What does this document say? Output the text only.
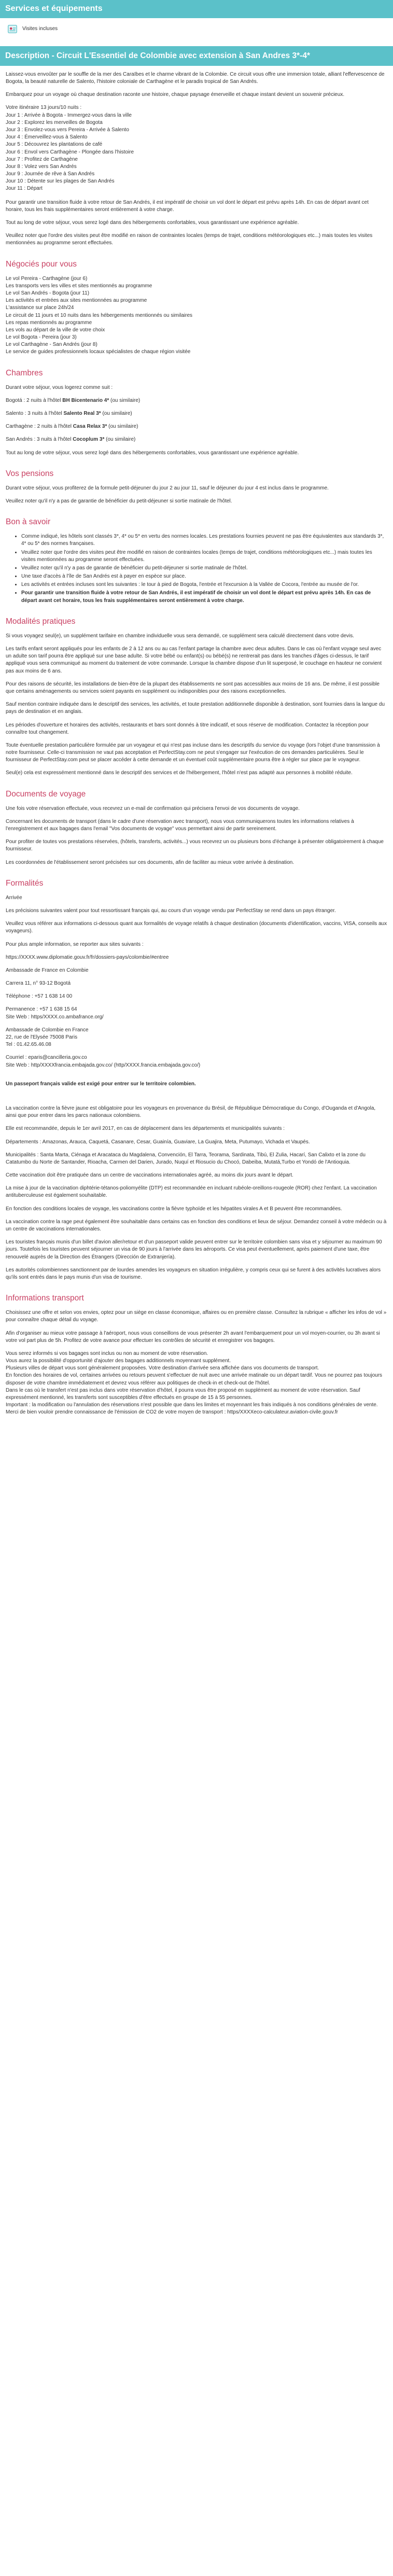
Services et équipements
Visites incluses
Description - Circuit L'Essentiel de Colombie avec extension à San Andres 3*-4*

Laissez-vous envoûter par le souffle de la mer des Caraïbes et le charme vibrant de la Colombie. Ce circuit vous offre une immersion totale, alliant l'effervescence de Bogota, la beauté naturelle de Salento, l'histoire coloniale de Carthagène et le paradis tropical de San Andrés.

Embarquez pour un voyage où chaque destination raconte une histoire, chaque paysage émerveille et chaque instant devient un souvenir précieux.

Votre itinéraire 13 jours/10 nuits :
Jour 1 : Arrivée à Bogota - Immergez-vous dans la ville
Jour 2 : Explorez les merveilles de Bogota
Jour 3 : Envolez-vous vers Pereira - Arrivée à Salento
Jour 4 : Émerveillez-vous à Salento
Jour 5 : Découvrez les plantations de café
Jour 6 : Envol vers Carthagène - Plongée dans l'histoire
Jour 7 : Profitez de Carthagène
Jour 8 : Volez vers San Andrés
Jour 9 : Journée de rêve à San Andrés
Jour 10 : Détente sur les plages de San Andrés
Jour 11 : Départ

Pour garantir une transition fluide à votre retour de San Andrés, il est impératif de choisir un vol dont le départ est prévu après 14h. En cas de départ avant cet horaire, tous les frais supplémentaires seront entièrement à votre charge.

Tout au long de votre séjour, vous serez logé dans des hébergements confortables, vous garantissant une expérience agréable.

Veuillez noter que l'ordre des visites peut être modifié en raison de contraintes locales (temps de trajet, conditions météorologiques etc...) mais toutes les visites mentionnées au programme seront effectuées.

Négociés pour vous
Le vol Pereira - Carthagène (jour 6)
Les transports vers les villes et sites mentionnés au programme
Le vol San Andrés - Bogota (jour 11)
Les activités et entrées aux sites mentionnées au programme
L'assistance sur place 24h/24
Le circuit de 11 jours et 10 nuits dans les hébergements mentionnés ou similaires
Les repas mentionnés au programme
Les vols au départ de la ville de votre choix
Le vol Bogota - Pereira (jour 3)
Le vol Carthagène - San Andrés (jour 8)
Le service de guides professionnels locaux spécialistes de chaque région visitée
Chambres

Durant votre séjour, vous logerez comme suit :

Bogotá : 2 nuits à l'hôtel BH Bicentenario 4* (ou similaire)

Salento : 3 nuits à l'hôtel Salento Real 3* (ou similaire)

Carthagène : 2 nuits à l'hôtel Casa Relax 3* (ou similaire)

San Andrés : 3 nuits à l'hôtel Cocoplum 3* (ou similaire)

Tout au long de votre séjour, vous serez logé dans des hébergements confortables, vous garantissant une expérience agréable.

Vos pensions

Durant votre séjour, vous profiterez de la formule petit-déjeuner du jour 2 au jour 11, sauf le déjeuner du jour 4 est inclus dans le programme.

Veuillez noter qu'il n'y a pas de garantie de bénéficier du petit-déjeuner si sortie matinale de l'hôtel.

Bon à savoir
• Comme indiqué, les hôtels sont classés 3*, 4* ou 5* en vertu des normes locales. Les prestations fournies peuvent ne pas être équivalentes aux standards 3*, 4* ou 5* des normes françaises.
• Veuillez noter que l'ordre des visites peut être modifié en raison de contraintes locales (temps de trajet, conditions météorologiques etc...) mais toutes les visites mentionnées au programme seront effectuées.
• Veuillez noter qu'il n'y a pas de garantie de bénéficier du petit-déjeuner si sortie matinale de l'hôtel.
• Une taxe d'accès à l'île de San Andrés est à payer en espèce sur place.
• Les activités et entrées incluses sont les suivantes : le tour à pied de Bogota, l'entrée et l'excursion à la Vallée de Cocora, l'entrée au musée de l'or.
• Pour garantir une transition fluide à votre retour de San Andrés, il est impératif de choisir un vol dont le départ est prévu après 14h. En cas de départ avant cet horaire, tous les frais supplémentaires seront entièrement à votre charge.
Modalités pratiques

Si vous voyagez seul(e), un supplément tarifaire en chambre individuelle vous sera demandé, ce supplément sera calculé directement dans votre devis.

Les tarifs enfant seront appliqués pour les enfants de 2 à 12 ans ou au cas l'enfant partage la chambre avec deux adultes. Dans le cas où l'enfant voyage seul avec un adulte son tarif pourra être appliqué sur une base adulte. Si votre bébé ou enfant(s) ou bébé(s) ne rentrerait pas dans les tranches d'âges ci-dessus, le tarif appliqué vous sera communiqué au moment du traitement de votre commande. Lorsque la chambre dispose d'un lit superposé, le couchage en hauteur ne convient pas aux moins de 6 ans.

Pour des raisons de sécurité, les installations de bien-être de la plupart des établissements ne sont pas accessibles aux moins de 16 ans. De même, il est possible que certains aménagements ou services soient payants en supplément ou indisponibles pour des raisons exceptionnelles.

Sauf mention contraire indiquée dans le descriptif des services, les activités, et toute prestation additionnelle disponible à destination, sont fournies dans la langue du pays de destination et en anglais.

Les périodes d'ouverture et horaires des activités, restaurants et bars sont donnés à titre indicatif, et sous réserve de modification. Contactez la réception pour connaître tout changement.

Toute éventuelle prestation particulière formulée par un voyageur et qui n'est pas incluse dans les descriptifs du service du voyage (lors l'objet d'une transmission à notre fournisseur. Celle-ci transmission ne vaut pas acceptation et PerfectStay.com ne peut s'engager sur l'exécution de ces demandes particulières. Seul le fournisseur de PerfectStay.com peut se placer accéder à cette demande et un éventuel coût supplémentaire pourra être à régler sur place par le voyageur.

Seul(e) cela est expressément mentionné dans le descriptif des services et de l'hébergement, l'hôtel n'est pas adapté aux personnes à mobilité réduite.

Documents de voyage

Une fois votre réservation effectuée, vous recevrez un e-mail de confirmation qui précisera l'envoi de vos documents de voyage.

Concernant les documents de transport (dans le cadre d'une réservation avec transport), nous vous communiquerons toutes les informations relatives à l'enregistrement et aux bagages dans l'email "Vos documents de voyage" vous permettant ainsi de partir sereinement.

Pour profiter de toutes vos prestations réservées, (hôtels, transferts, activités...) vous recevrez un ou plusieurs bons d'échange à présenter obligatoirement à chaque fournisseur.

Les coordonnées de l'établissement seront précisées sur ces documents, afin de faciliter au mieux votre arrivée à destination.

Formalités

Arrivée

Les précisions suivantes valent pour tout ressortissant français qui, au cours d'un voyage vendu par PerfectStay se rend dans un pays étranger.

Veuillez vous référer aux informations ci-dessous quant aux formalités de voyage relatifs à chaque destination (documents d'identification, vaccins, VISA, conseils aux voyageurs).

Pour plus ample information, se reporter aux sites suivants :

https://XXXX.www.diplomatie.gouv.fr/fr/dossiers-pays/colombie/#entree

Ambassade de France en Colombie

Carrera 11, n° 93-12 Bogotá

Téléphone : +57 1 638 14 00

Permanence : +57 1 638 15 64
Site Web : https/XXXX.co.ambafrance.org/

Ambassade de Colombie en France
22, rue de l'Elysée 75008 Paris
Tel : 01.42.65.46.08

Courriel : eparis@cancilleria.gov.co
Site Web : http/XXXXfrancia.embajada.gov.co/ (http/XXXX.francia.embajada.gov.co/)

Un passeport français valide est exigé pour entrer sur le territoire colombien.

La vaccination contre la fièvre jaune est obligatoire pour les voyageurs en provenance du Brésil, de République Démocratique du Congo, d'Ouganda et d'Angola, ainsi que pour entrer dans les parcs nationaux colombiens.

Elle est recommandée, depuis le 1er avril 2017, en cas de déplacement dans les départements et municipalités suivants :

Départements : Amazonas, Arauca, Caquetá, Casanare, Cesar, Guainía, Guaviare, La Guajira, Meta, Putumayo, Vichada et Vaupés.

Municipalités : Santa Marta, Ciénaga et Aracataca du Magdalena, Convención, El Tarra, Teorama, Sardinata, Tibú, El Zulia, Hacarí, San Calixto et la zone du Catatumbo du Norte de Santander, Rioacha, Carmen del Darien, Jurado, Nuquí et Riosucio du Chocó, Dabeiba, Mutatá,Turbo et Yondó de l'Antioquia.

Cette vaccination doit être pratiquée dans un centre de vaccinations internationales agréé, au moins dix jours avant le départ.

La mise à jour de la vaccination diphtérie-tétanos-poliomyélite (DTP) est recommandée en incluant rubéole-oreillons-rougeole (ROR) chez l'enfant. La vaccination antituberculeuse est également souhaitable.

En fonction des conditions locales de voyage, les vaccinations contre la fièvre typhoïde et les hépatites virales A et B peuvent être recommandées.

La vaccination contre la rage peut également être souhaitable dans certains cas en fonction des conditions et lieux de séjour. Demandez conseil à votre médecin ou à un centre de vaccinations internationales.

Les touristes français munis d'un billet d'avion aller/retour et d'un passeport valide peuvent entrer sur le territoire colombien sans visa et y séjourner au maximum 90 jours. Toutefois les touristes peuvent séjourner un visa de 90 jours à l'arrivée dans les aéroports. Ce visa peut éventuellement, après paiement d'une taxe, être renouvelé auprès de la Direction des Étrangers (Dirección de Extranjería).

Les autorités colombiennes sanctionnent par de lourdes amendes les voyageurs en situation irrégulière, y compris ceux qui se furent à des activités lucratives alors qu'ils sont entrés dans le pays munis d'un visa de tourisme.

Informations transport

Choisissez une offre et selon vos envies, optez pour un siège en classe économique, affaires ou en première classe. Consultez la rubrique « afficher les infos de vol » pour connaître chaque détail du voyage.

Afin d'organiser au mieux votre passage à l'aéroport, nous vous conseillons de vous présenter 2h avant l'embarquement pour un vol moyen-courrier, ou 3h avant si votre vol part plus de 5h. Profitez de votre avance pour effectuer les contrôles de sécurité et enregistrer vos bagages.

Vous serez informés si vos bagages sont inclus ou non au moment de votre réservation.
Vous aurez la possibilité d'opportunité d'ajouter des bagages additionnels moyennant supplément.
Plusieurs villes de départ vous sont généralement proposées. Votre destination d'arrivée sera affichée dans vos documents de transport.
En fonction des horaires de vol, certaines arrivées ou retours peuvent s'effectuer de nuit avec une arrivée matinale ou un départ tardif. Vous ne pourrez pas toujours disposer de votre chambre immédiatement et devrez vous référer aux politiques de check-in et check-out de l'hôtel.
Dans le cas où le transfert n'est pas inclus dans votre réservation d'hôtel, il pourra vous être proposé en supplément au moment de votre réservation. Sauf expressément mentionné, les transferts sont susceptibles d'être effectués en groupe de 15 à 55 personnes.
Important : la modification ou l'annulation des réservations n'est possible que dans les limites et moyennant les frais indiqués à nos conditions générales de vente.
Merci de bien vouloir prendre connaissance de l'émission de CO2 de votre moyen de transport : https/XXXXeco-calculateur.aviation-civile.gouv.fr
